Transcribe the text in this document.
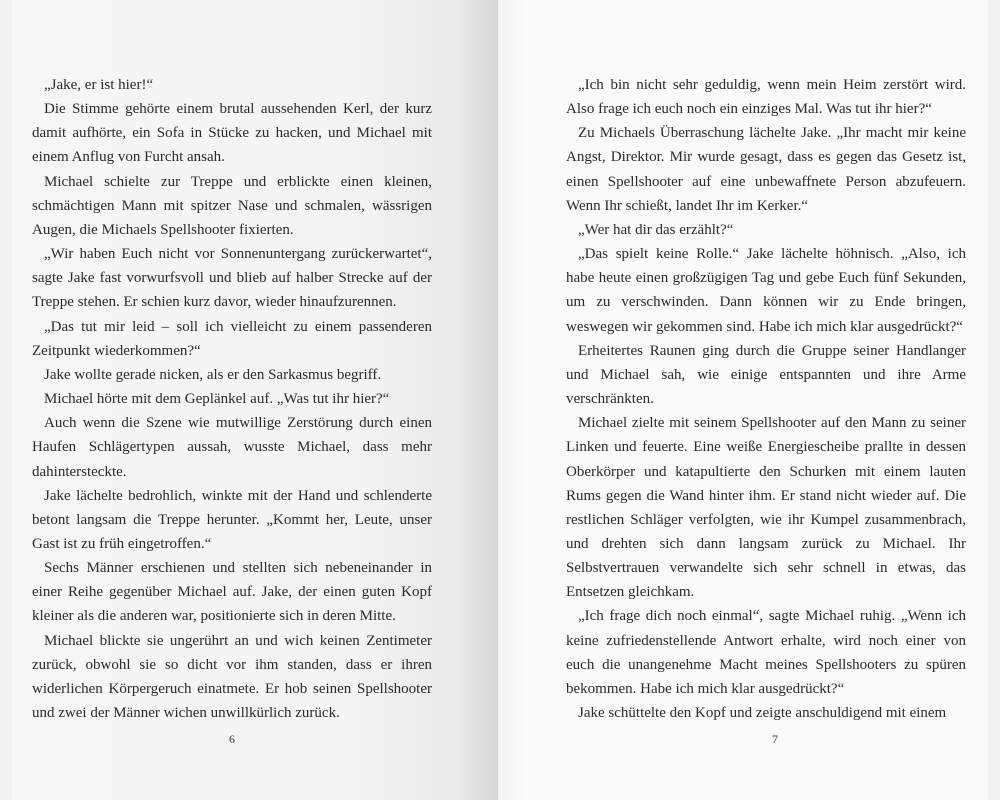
„Jake, er ist hier!“

Die Stimme gehörte einem brutal aussehenden Kerl, der kurz damit aufhörte, ein Sofa in Stücke zu hacken, und Michael mit einem Anflug von Furcht ansah.

Michael schielte zur Treppe und erblickte einen kleinen, schmächtigen Mann mit spitzer Nase und schmalen, wässrigen Augen, die Michaels Spellshooter fixierten.

„Wir haben Euch nicht vor Sonnenuntergang zurückerwartet“, sagte Jake fast vorwurfsvoll und blieb auf halber Strecke auf der Treppe stehen. Er schien kurz davor, wieder hinaufzurennen.

„Das tut mir leid – soll ich vielleicht zu einem passenderen Zeitpunkt wiederkommen?“

Jake wollte gerade nicken, als er den Sarkasmus begriff.

Michael hörte mit dem Geplänkel auf. „Was tut ihr hier?“

Auch wenn die Szene wie mutwillige Zerstörung durch einen Haufen Schlägertypen aussah, wusste Michael, dass mehr dahintersteckte.

Jake lächelte bedrohlich, winkte mit der Hand und schlenderte betont langsam die Treppe herunter. „Kommt her, Leute, unser Gast ist zu früh eingetroffen.“

Sechs Männer erschienen und stellten sich nebeneinander in einer Reihe gegenüber Michael auf. Jake, der einen guten Kopf kleiner als die anderen war, positionierte sich in deren Mitte.

Michael blickte sie ungerührt an und wich keinen Zentimeter zurück, obwohl sie so dicht vor ihm standen, dass er ihren widerlichen Körpergeruch einatmete. Er hob seinen Spellshooter und zwei der Männer wichen unwillkürlich zurück.

6

„Ich bin nicht sehr geduldig, wenn mein Heim zerstört wird. Also frage ich euch noch ein einziges Mal. Was tut ihr hier?“

Zu Michaels Überraschung lächelte Jake. „Ihr macht mir keine Angst, Direktor. Mir wurde gesagt, dass es gegen das Gesetz ist, einen Spellshooter auf eine unbewaffnete Person abzufeuern. Wenn Ihr schießt, landet Ihr im Kerker.“

„Wer hat dir das erzählt?“

„Das spielt keine Rolle.“ Jake lächelte höhnisch. „Also, ich habe heute einen großzügigen Tag und gebe Euch fünf Sekunden, um zu verschwinden. Dann können wir zu Ende bringen, weswegen wir gekommen sind. Habe ich mich klar ausgedrückt?“

Erheitertes Raunen ging durch die Gruppe seiner Handlanger und Michael sah, wie einige entspannten und ihre Arme verschränkten.

Michael zielte mit seinem Spellshooter auf den Mann zu seiner Linken und feuerte. Eine weiße Energiescheibe prallte in dessen Oberkörper und katapultierte den Schurken mit einem lauten Rums gegen die Wand hinter ihm. Er stand nicht wieder auf. Die restlichen Schläger verfolgten, wie ihr Kumpel zusammenbrach, und drehten sich dann langsam zurück zu Michael. Ihr Selbstvertrauen verwandelte sich sehr schnell in etwas, das Entsetzen gleichkam.

„Ich frage dich noch einmal“, sagte Michael ruhig. „Wenn ich keine zufriedenstellende Antwort erhalte, wird noch einer von euch die unangenehme Macht meines Spellshooters zu spüren bekommen. Habe ich mich klar ausgedrückt?“

Jake schüttelte den Kopf und zeigte anschuldigend mit einem

7
